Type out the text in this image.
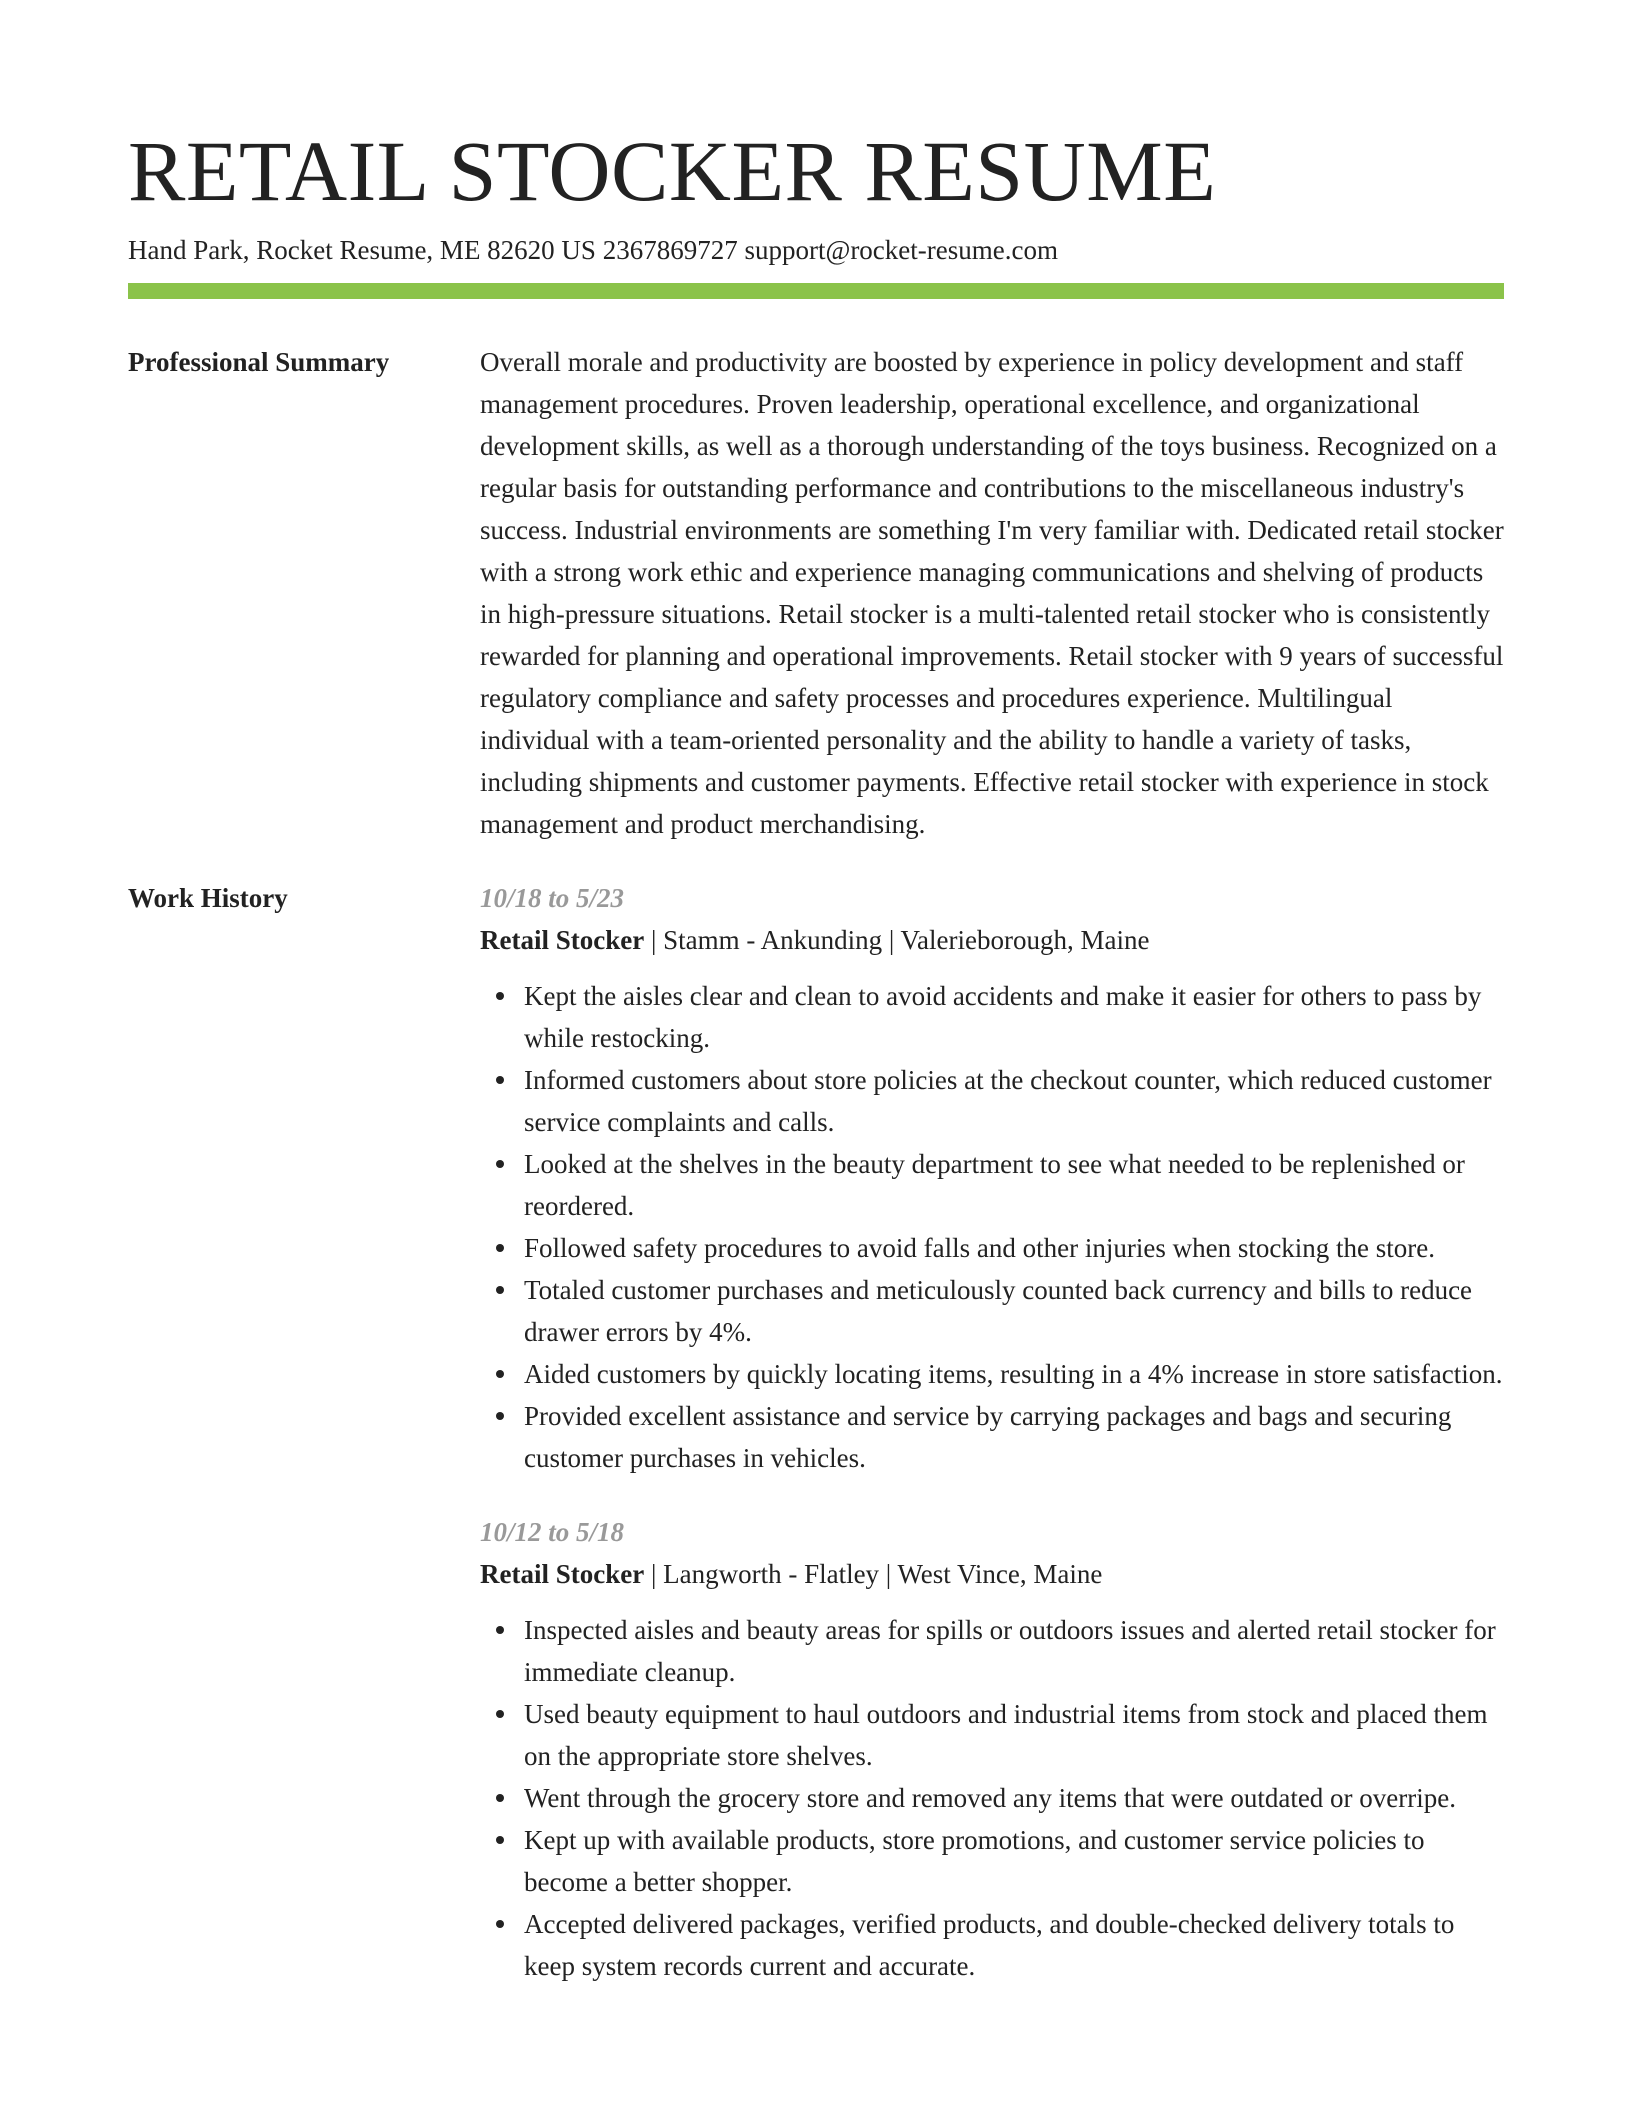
RETAIL STOCKER RESUME
Hand Park, Rocket Resume, ME 82620 US 2367869727 support@rocket-resume.com
Professional Summary	Overall morale and productivity are boosted by experience in policy development and staff management procedures. Proven leadership, operational excellence, and organizational development skills, as well as a thorough understanding of the toys business. Recognized on a regular basis for outstanding performance and contributions to the miscellaneous industry's success. Industrial environments are something I'm very familiar with. Dedicated retail stocker with a strong work ethic and experience managing communications and shelving of products in high-pressure situations. Retail stocker is a multi-talented retail stocker who is consistently rewarded for planning and operational improvements. Retail stocker with 9 years of successful regulatory compliance and safety processes and procedures experience. Multilingual individual with a team-oriented personality and the ability to handle a variety of tasks, including shipments and customer payments. Effective retail stocker with experience in stock management and product merchandising.

Work History	10/18 to 5/23
Retail Stocker | Stamm - Ankunding | Valerieborough, Maine
Kept the aisles clear and clean to avoid accidents and make it easier for others to pass by while restocking.
Informed customers about store policies at the checkout counter, which reduced customer service complaints and calls.
Looked at the shelves in the beauty department to see what needed to be replenished or reordered.
Followed safety procedures to avoid falls and other injuries when stocking the store.
Totaled customer purchases and meticulously counted back currency and bills to reduce drawer errors by 4%.
Aided customers by quickly locating items, resulting in a 4% increase in store satisfaction.
Provided excellent assistance and service by carrying packages and bags and securing customer purchases in vehicles.
10/12 to 5/18
Retail Stocker | Langworth - Flatley | West Vince, Maine
Inspected aisles and beauty areas for spills or outdoors issues and alerted retail stocker for immediate cleanup.
Used beauty equipment to haul outdoors and industrial items from stock and placed them on the appropriate store shelves.
Went through the grocery store and removed any items that were outdated or overripe.
Kept up with available products, store promotions, and customer service policies to become a better shopper.
Accepted delivered packages, verified products, and double-checked delivery totals to keep system records current and accurate.
